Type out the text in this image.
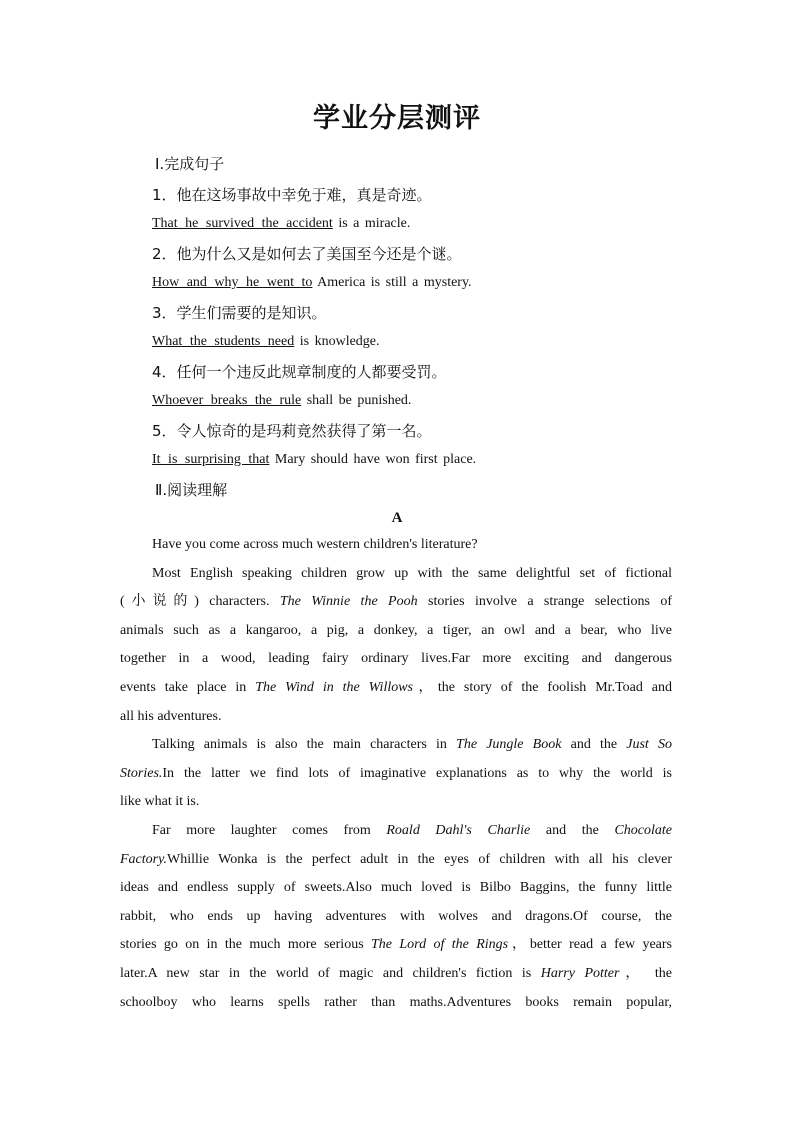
学业分层测评
Ⅰ.完成句子
1．他在这场事故中幸免于难，真是奇迹。
That he survived the accident is a miracle.
2．他为什么又是如何去了美国至今还是个谜。
How and why he went to America is still a mystery.
3．学生们需要的是知识。
What the students need is knowledge.
4．任何一个违反此规章制度的人都要受罚。
Whoever breaks the rule shall be punished.
5．令人惊奇的是玛莉竟然获得了第一名。
It is surprising that Mary should have won first place.
Ⅱ.阅读理解
A
Have you come across much western children's literature?
Most English speaking children grow up with the same delightful set of fictional
(小说的) characters. The Winnie the Pooh stories involve a strange selections of
animals such as a kangaroo, a pig, a donkey, a tiger, an owl and a bear, who live
together in a wood, leading fairy ordinary lives.Far more exciting and dangerous
events take place in The Wind in the Willows，the story of the foolish Mr.Toad and
all his adventures.
Talking animals is also the main characters in The Jungle Book and the Just So
Stories.In the latter we find lots of imaginative explanations as to why the world is
like what it is.
Far more laughter comes from Roald Dahl's Charlie and the Chocolate
Factory.Whillie Wonka is the perfect adult in the eyes of children with all his clever
ideas and endless supply of sweets.Also much loved is Bilbo Baggins, the funny little
rabbit, who ends up having adventures with wolves and dragons.Of course, the
stories go on in the much more serious The Lord of the Rings，better read a few years
later.A new star in the world of magic and children's fiction is Harry Potter， the
schoolboy who learns spells rather than maths.Adventures books remain popular,
